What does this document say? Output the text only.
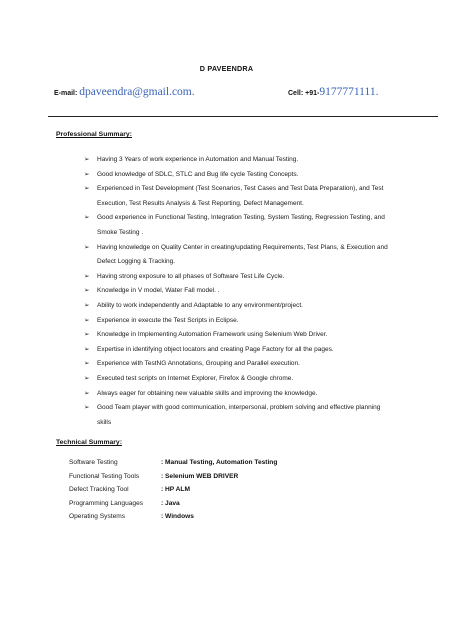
D PAVEENDRA
E-mail: dpaveendra@gmail.com.	Cell: +91-9177771111.
Professional Summary:
➢ Having 3 Years of work experience in Automation and Manual Testing.
➢ Good knowledge of SDLC, STLC and Bug life cycle Testing Concepts.
➢ Experienced in Test Development (Test Scenarios, Test Cases and Test Data Preparation), and Test Execution, Test Results Analysis & Test Reporting, Defect Management.
➢ Good experience in Functional Testing, Integration Testing, System Testing, Regression Testing, and Smoke Testing .
➢ Having knowledge on Quality Center in creating/updating Requirements, Test Plans, & Execution and Defect Logging & Tracking.
➢ Having strong exposure to all phases of Software Test Life Cycle.
➢ Knowledge in V model, Water Fall model. .
➢ Ability to work independently and Adaptable to any environment/project.
➢ Experience in execute the Test Scripts in Eclipse.
➢ Knowledge in Implementing Automation Framework using Selenium Web Driver.
➢ Expertise in identifying object locators and creating Page Factory for all the pages.
➢ Experience with TestNG Annotations, Grouping and Parallel execution.
➢ Executed test scripts on Internet Explorer, Firefox & Google chrome.
➢ Always eager for obtaining new valuable skills and improving the knowledge.
➢ Good Team player with good communication, interpersonal, problem solving and effective planning skills
Technical Summary:
Software Testing	: Manual Testing, Automation Testing
Functional Testing Tools	: Selenium WEB DRIVER
Defect Tracking Tool	: HP ALM
Programming Languages	: Java
Operating Systems	: Windows
